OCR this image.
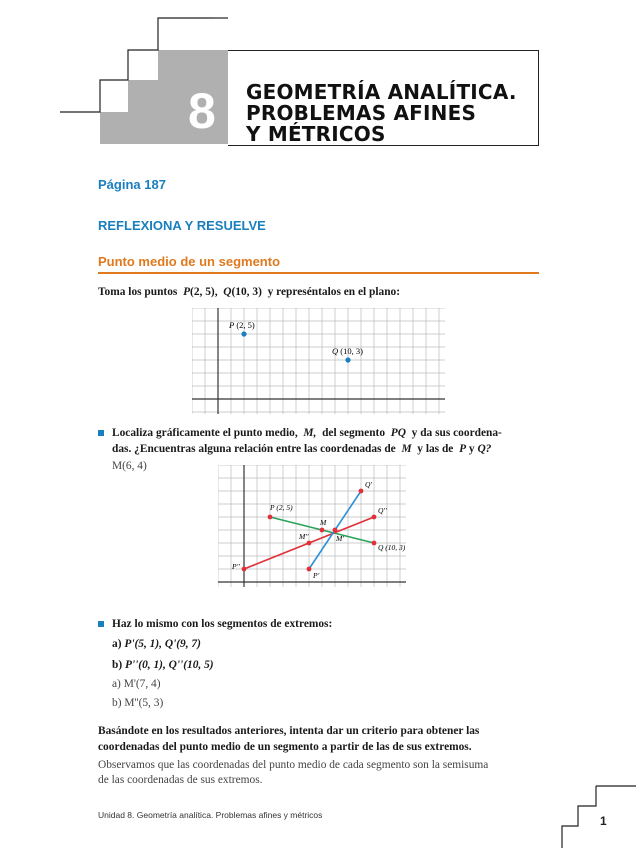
8 GEOMETRÍA ANALÍTICA.
PROBLEMAS AFINES
Y MÉTRICOS
Página 187
REFLEXIONA Y RESUELVE
Punto medio de un segmento
Toma los puntos P(2, 5), Q(10, 3) y represéntalos en el plano:
P (2, 5)
Q (10, 3)
Localiza gráficamente el punto medio, M, del segmento PQ y da sus coordena-
das. ¿Encuentras alguna relación entre las coordenadas de M y las de P y Q?
M(6, 4)
P (2, 5)
Q (10, 3)
M
M'
M''
Q'
Q''
P'
P''
Haz lo mismo con los segmentos de extremos:
a) P'(5, 1), Q'(9, 7)
b) P''(0, 1), Q''(10, 5)
a) M'(7, 4)
b) M''(5, 3)
Basándote en los resultados anteriores, intenta dar un criterio para obtener las
coordenadas del punto medio de un segmento a partir de las de sus extremos.
Observamos que las coordenadas del punto medio de cada segmento son la semisuma
de las coordenadas de sus extremos.
Unidad 8. Geometría analítica. Problemas afines y métricos	1
